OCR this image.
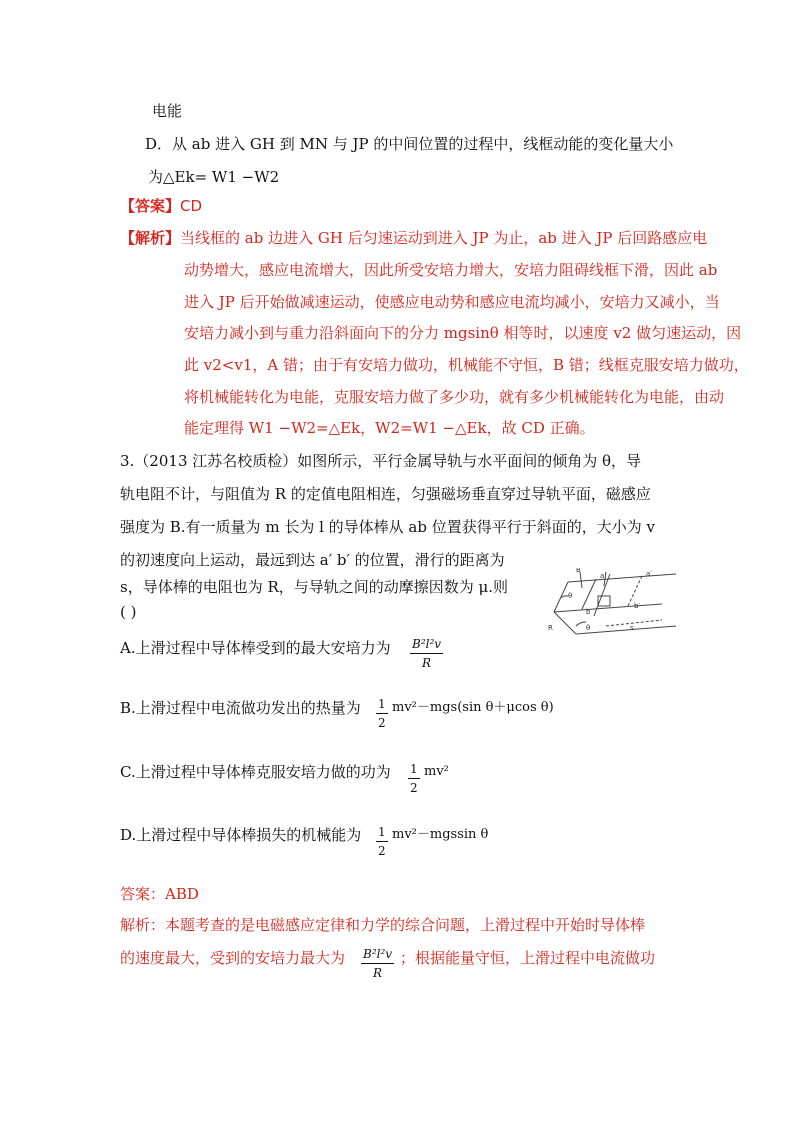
电能
D．从 ab 进入 GH 到 MN 与 JP 的中间位置的过程中，线框动能的变化量大小
为△Ek= W1 −W2
【答案】CD
【解析】当线框的 ab 边进入 GH 后匀速运动到进入 JP 为止，ab 进入 JP 后回路感应电
动势增大，感应电流增大，因此所受安培力增大，安培力阻碍线框下滑，因此 ab
进入 JP 后开始做减速运动，使感应电动势和感应电流均减小，安培力又减小，当
安培力减小到与重力沿斜面向下的分力 mgsinθ 相等时，以速度 v2 做匀速运动，因
此 v2<v1，A 错；由于有安培力做功，机械能不守恒，B 错；线框克服安培力做功，
将机械能转化为电能，克服安培力做了多少功，就有多少机械能转化为电能，由动
能定理得 W1 −W2=△Ek，W2=W1 −△Ek，故 CD 正确。
3.（2013 江苏名校质检）如图所示，平行金属导轨与水平面间的倾角为 θ，导
轨电阻不计，与阻值为 R 的定值电阻相连，匀强磁场垂直穿过导轨平面，磁感应
强度为 B.有一质量为 m 长为 l 的导体棒从 ab 位置获得平行于斜面的，大小为 v
的初速度向上运动，最远到达 a′ b′ 的位置，滑行的距离为
s，导体棒的电阻也为 R，与导轨之间的动摩擦因数为 μ.则
( )
B
a	a′
θ
b
b′
R	θ	s
A.上滑过程中导体棒受到的最大安培力为 B²l²v
R
B.上滑过程中电流做功发出的热量为 1
2
mv²－mgs(sin θ＋μcos θ)
C.上滑过程中导体棒克服安培力做的功为 1
2
mv²
D.上滑过程中导体棒损失的机械能为 1
2
mv²－mgssin θ
答案：ABD
解析：本题考查的是电磁感应定律和力学的综合问题，上滑过程中开始时导体棒
的速度最大，受到的安培力最大为 B²l²v
R
；根据能量守恒，上滑过程中电流做功
